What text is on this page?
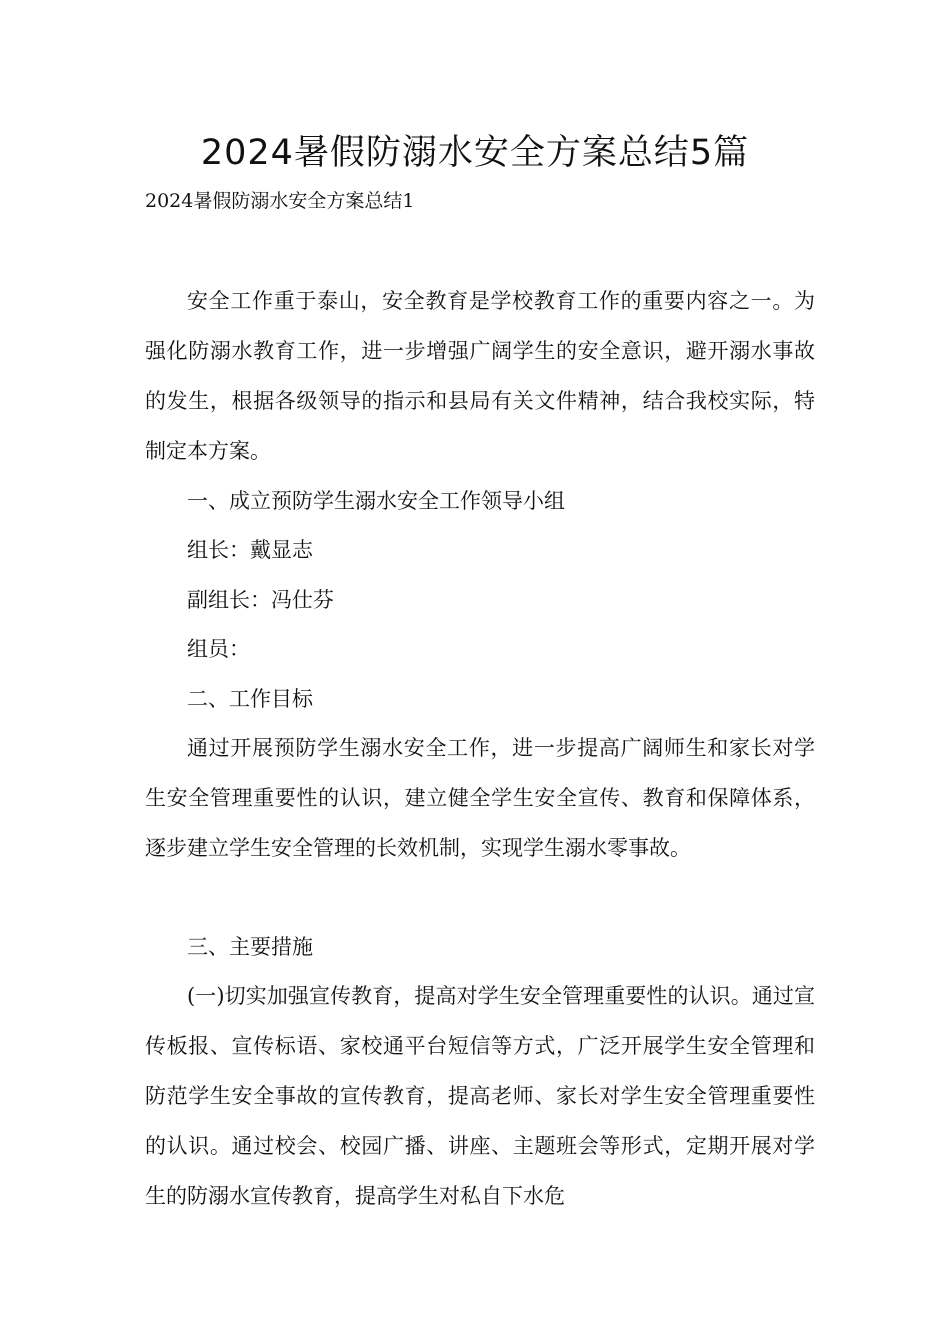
2024暑假防溺水安全方案总结5篇
2024暑假防溺水安全方案总结1
安全工作重于泰山，安全教育是学校教育工作的重要内容之一。为强化防溺水教育工作，进一步增强广阔学生的安全意识，避开溺水事故的发生，根据各级领导的指示和县局有关文件精神，结合我校实际，特制定本方案。
一、成立预防学生溺水安全工作领导小组
组长：戴显志
副组长：冯仕芬
组员：
二、工作目标
通过开展预防学生溺水安全工作，进一步提高广阔师生和家长对学生安全管理重要性的认识，建立健全学生安全宣传、教育和保障体系，逐步建立学生安全管理的长效机制，实现学生溺水零事故。
三、主要措施
(一)切实加强宣传教育，提高对学生安全管理重要性的认识。通过宣传板报、宣传标语、家校通平台短信等方式，广泛开展学生安全管理和防范学生安全事故的宣传教育，提高老师、家长对学生安全管理重要性的认识。通过校会、校园广播、讲座、主题班会等形式，定期开展对学生的防溺水宣传教育，提高学生对私自下水危
